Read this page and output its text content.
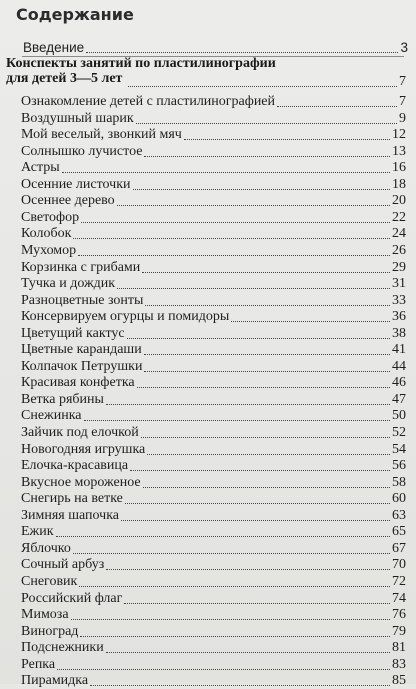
Содержание
Введение	3
Конспекты занятий по пластилинографии
для детей 3—5 лет	7
Ознакомление детей с пластилинографией	7
Воздушный шарик	9
Мой веселый, звонкий мяч	12
Солнышко лучистое	13
Астры	16
Осенние листочки	18
Осеннее дерево	20
Светофор	22
Колобок	24
Мухомор	26
Корзинка с грибами	29
Тучка и дождик	31
Разноцветные зонты	33
Консервируем огурцы и помидоры	36
Цветущий кактус	38
Цветные карандаши	41
Колпачок Петрушки	44
Красивая конфетка	46
Ветка рябины	47
Снежинка	50
Зайчик под елочкой	52
Новогодняя игрушка	54
Елочка-красавица	56
Вкусное мороженое	58
Снегирь на ветке	60
Зимняя шапочка	63
Ежик	65
Яблочко	67
Сочный арбуз	70
Снеговик	72
Российский флаг	74
Мимоза	76
Виноград	79
Подснежники	81
Репка	83
Пирамидка	85
